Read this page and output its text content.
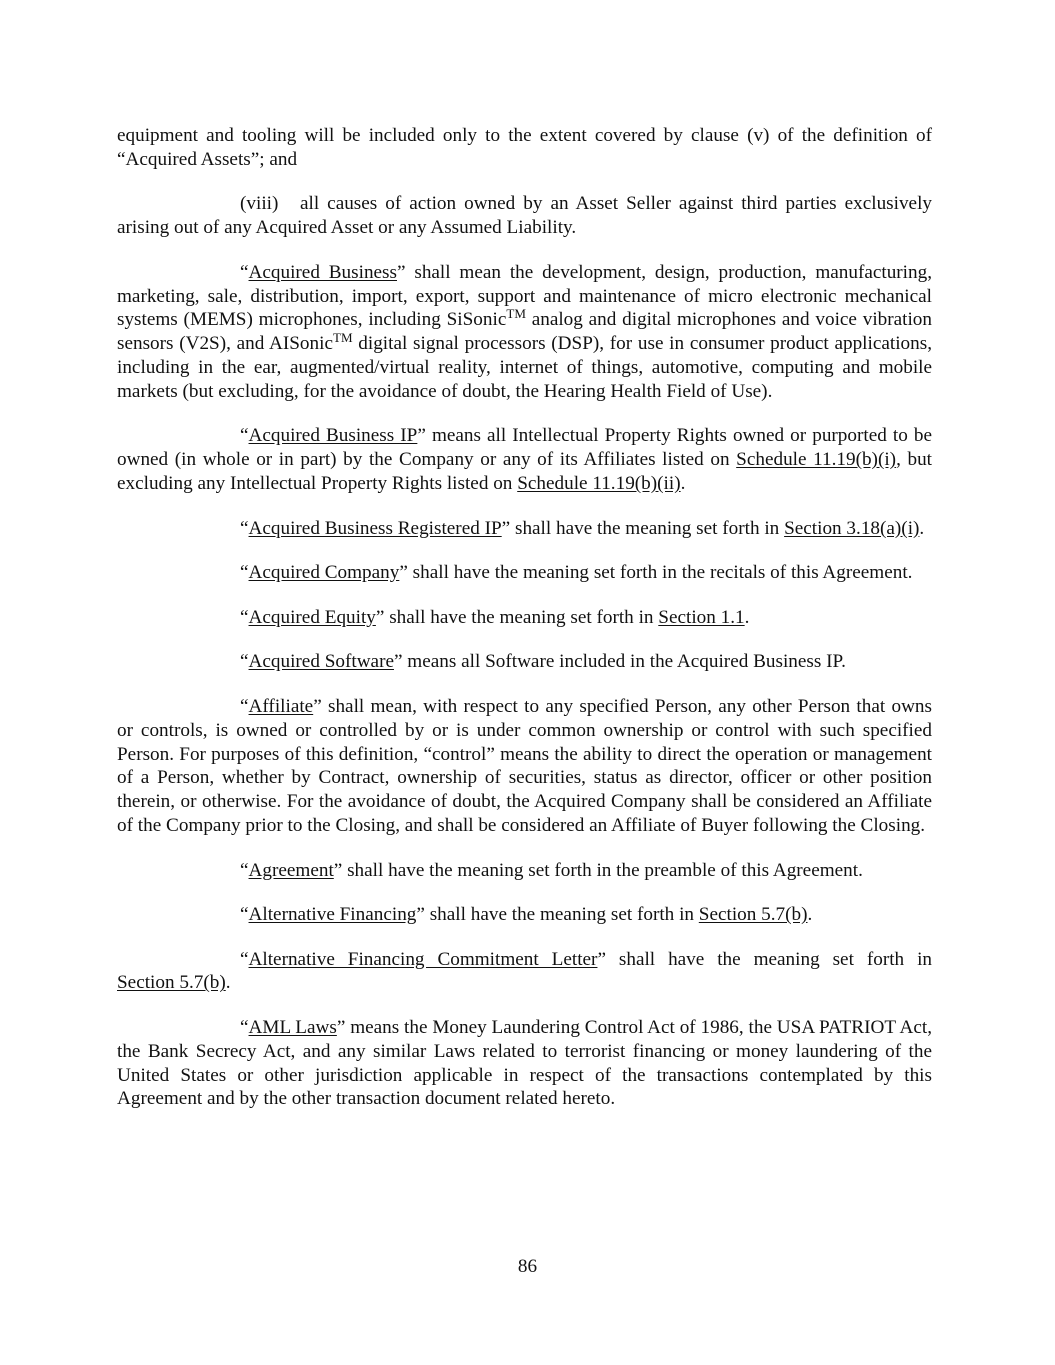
equipment and tooling will be included only to the extent covered by clause (v) of the definition of “Acquired Assets”; and

(viii) all causes of action owned by an Asset Seller against third parties exclusively arising out of any Acquired Asset or any Assumed Liability.

“Acquired Business” shall mean the development, design, production, manufacturing, marketing, sale, distribution, import, export, support and maintenance of micro electronic mechanical systems (MEMS) microphones, including SiSonic™ analog and digital microphones and voice vibration sensors (V2S), and AISonic™ digital signal processors (DSP), for use in consumer product applications, including in the ear, augmented/virtual reality, internet of things, automotive, computing and mobile markets (but excluding, for the avoidance of doubt, the Hearing Health Field of Use).

“Acquired Business IP” means all Intellectual Property Rights owned or purported to be owned (in whole or in part) by the Company or any of its Affiliates listed on Schedule 11.19(b)(i), but excluding any Intellectual Property Rights listed on Schedule 11.19(b)(ii).

“Acquired Business Registered IP” shall have the meaning set forth in Section 3.18(a)(i).

“Acquired Company” shall have the meaning set forth in the recitals of this Agreement.

“Acquired Equity” shall have the meaning set forth in Section 1.1.

“Acquired Software” means all Software included in the Acquired Business IP.

“Affiliate” shall mean, with respect to any specified Person, any other Person that owns or controls, is owned or controlled by or is under common ownership or control with such specified Person. For purposes of this definition, “control” means the ability to direct the operation or management of a Person, whether by Contract, ownership of securities, status as director, officer or other position therein, or otherwise. For the avoidance of doubt, the Acquired Company shall be considered an Affiliate of the Company prior to the Closing, and shall be considered an Affiliate of Buyer following the Closing.

“Agreement” shall have the meaning set forth in the preamble of this Agreement.

“Alternative Financing” shall have the meaning set forth in Section 5.7(b).

“Alternative Financing Commitment Letter” shall have the meaning set forth in Section 5.7(b).

“AML Laws” means the Money Laundering Control Act of 1986, the USA PATRIOT Act, the Bank Secrecy Act, and any similar Laws related to terrorist financing or money laundering of the United States or other jurisdiction applicable in respect of the transactions contemplated by this Agreement and by the other transaction document related hereto.

86
